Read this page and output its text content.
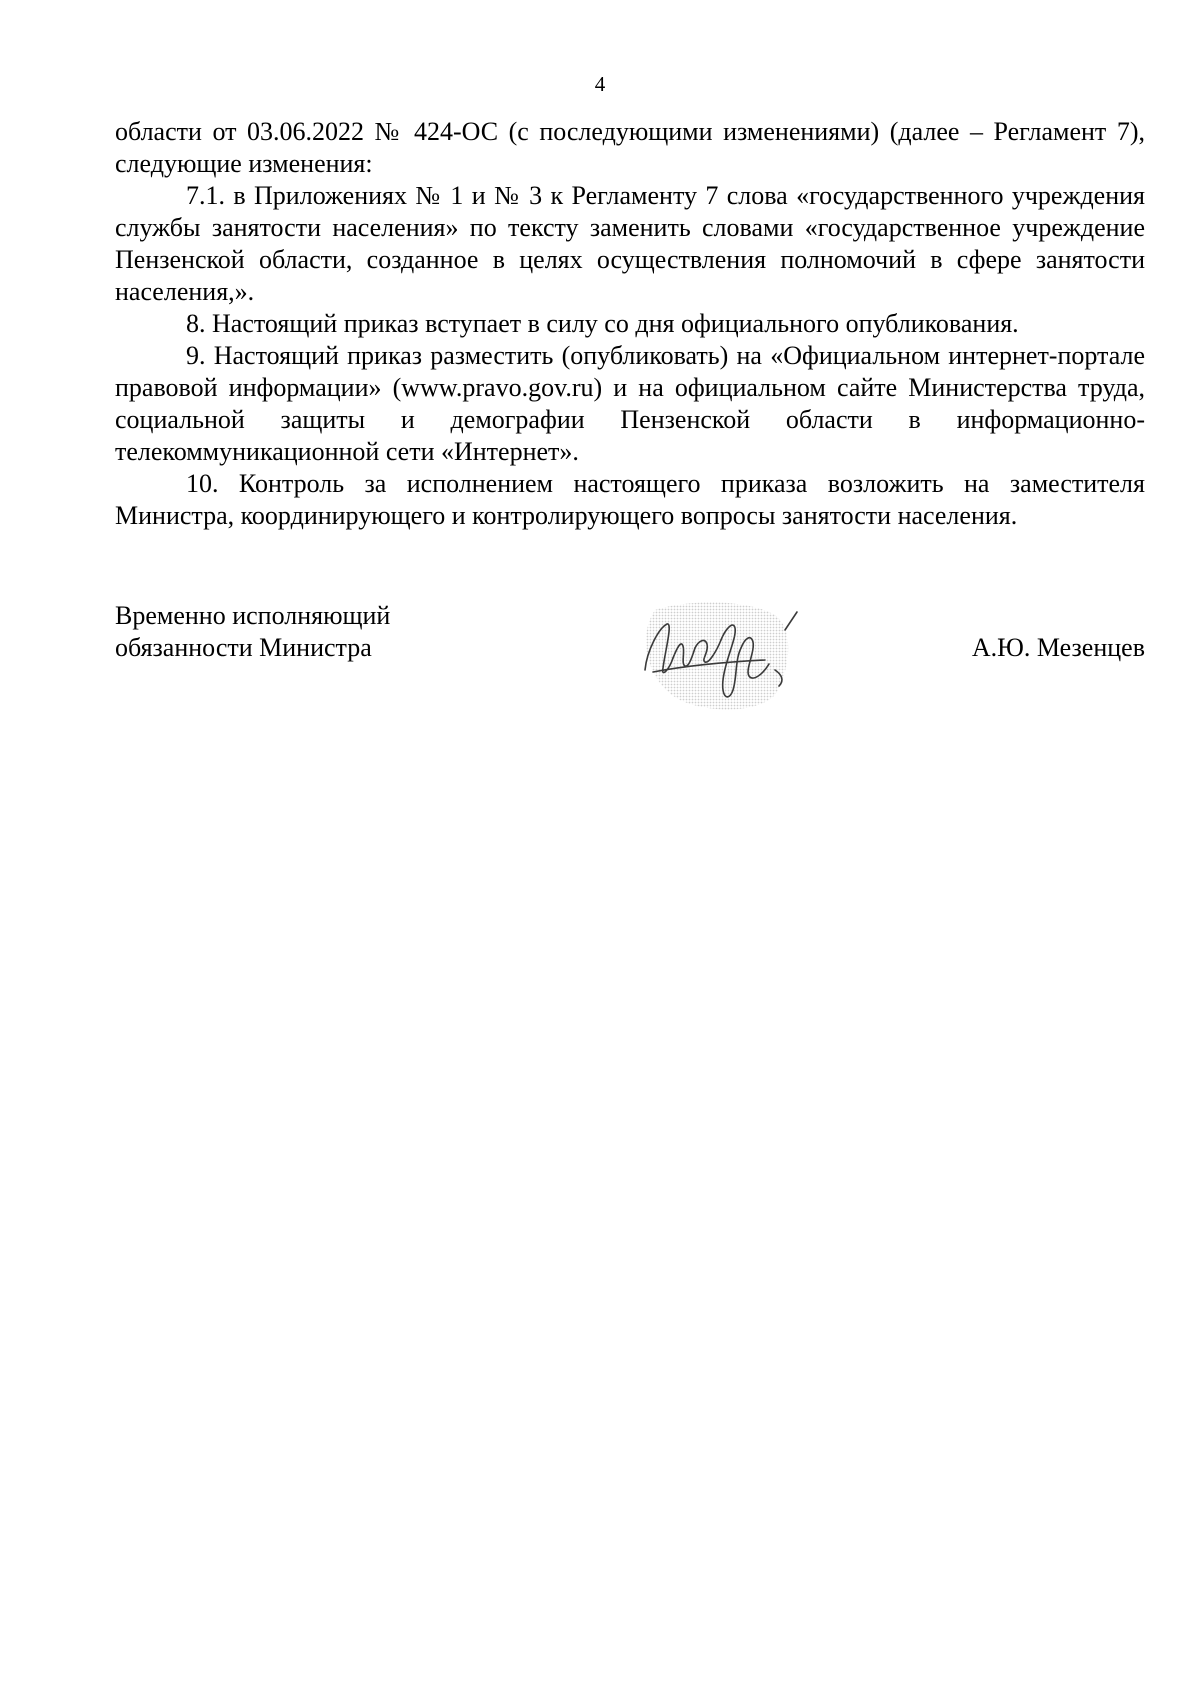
4

области от 03.06.2022 № 424-ОС (с последующими изменениями) (далее – Регламент 7), следующие изменения:

7.1. в Приложениях № 1 и № 3 к Регламенту 7 слова «государственного учреждения службы занятости населения» по тексту заменить словами «государственное учреждение Пензенской области, созданное в целях осуществления полномочий в сфере занятости населения,».

8. Настоящий приказ вступает в силу со дня официального опубликования.

9. Настоящий приказ разместить (опубликовать) на «Официальном интернет-портале правовой информации» (www.pravo.gov.ru) и на официальном сайте Министерства труда, социальной защиты и демографии Пензенской области в информационно-телекоммуникационной сети «Интернет».

10. Контроль за исполнением настоящего приказа возложить на заместителя Министра, координирующего и контролирующего вопросы занятости населения.

Временно исполняющий
обязанности Министра	А.Ю. Мезенцев
